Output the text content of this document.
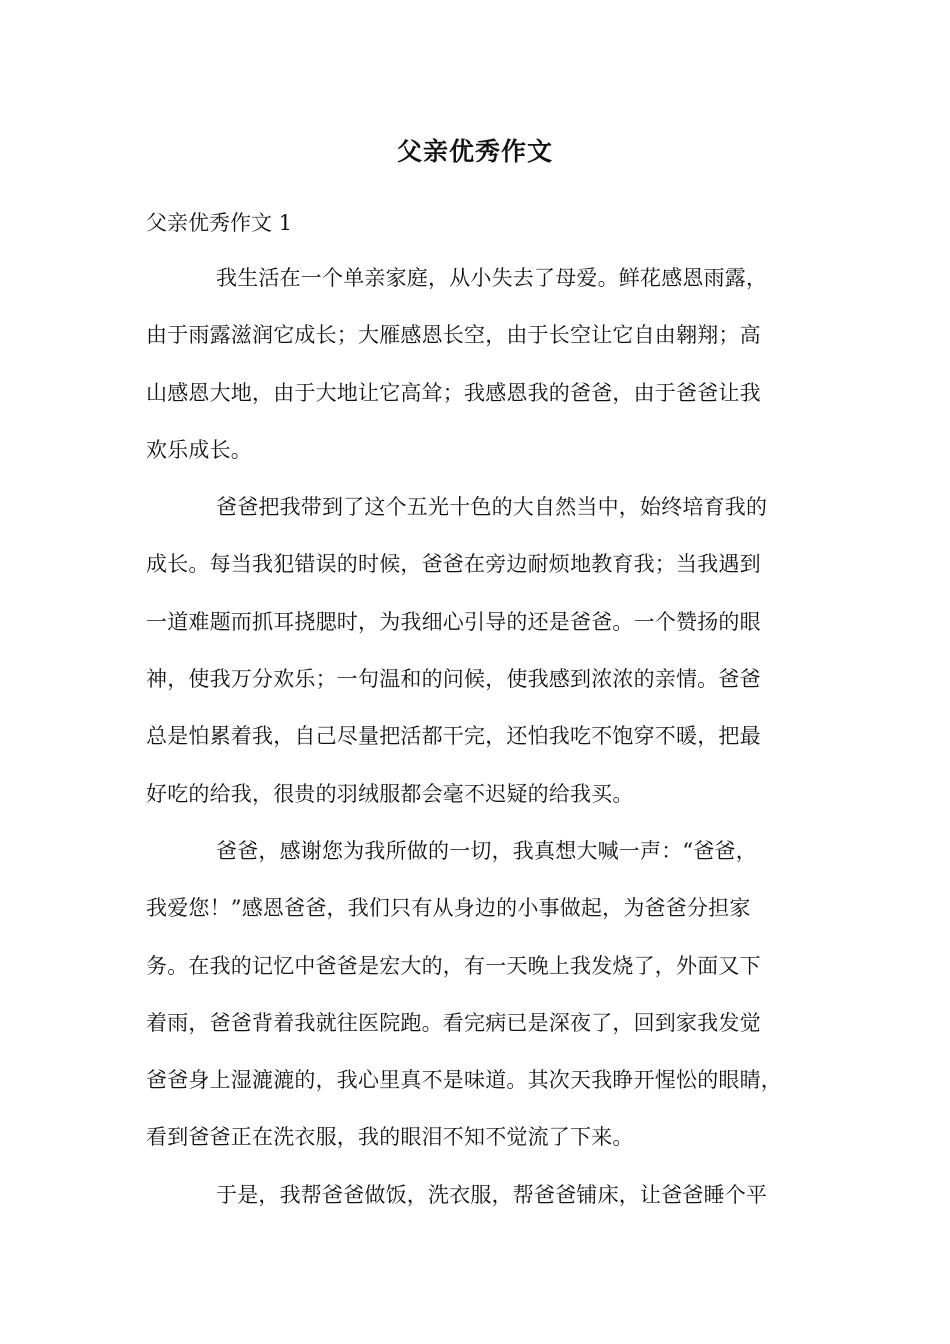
父亲优秀作文
父亲优秀作文 1
我生活在一个单亲家庭，从小失去了母爱。鲜花感恩雨露，
由于雨露滋润它成长；大雁感恩长空，由于长空让它自由翱翔；高
山感恩大地，由于大地让它高耸；我感恩我的爸爸，由于爸爸让我
欢乐成长。
爸爸把我带到了这个五光十色的大自然当中，始终培育我的
成长。每当我犯错误的时候，爸爸在旁边耐烦地教育我；当我遇到
一道难题而抓耳挠腮时，为我细心引导的还是爸爸。一个赞扬的眼
神，使我万分欢乐；一句温和的问候，使我感到浓浓的亲情。爸爸
总是怕累着我，自己尽量把活都干完，还怕我吃不饱穿不暖，把最
好吃的给我，很贵的羽绒服都会毫不迟疑的给我买。
爸爸，感谢您为我所做的一切，我真想大喊一声：“爸爸，
我爱您！”感恩爸爸，我们只有从身边的小事做起，为爸爸分担家
务。在我的记忆中爸爸是宏大的，有一天晚上我发烧了，外面又下
着雨，爸爸背着我就往医院跑。看完病已是深夜了，回到家我发觉
爸爸身上湿漉漉的，我心里真不是味道。其次天我睁开惺忪的眼睛，
看到爸爸正在洗衣服，我的眼泪不知不觉流了下来。
于是，我帮爸爸做饭，洗衣服，帮爸爸铺床，让爸爸睡个平
